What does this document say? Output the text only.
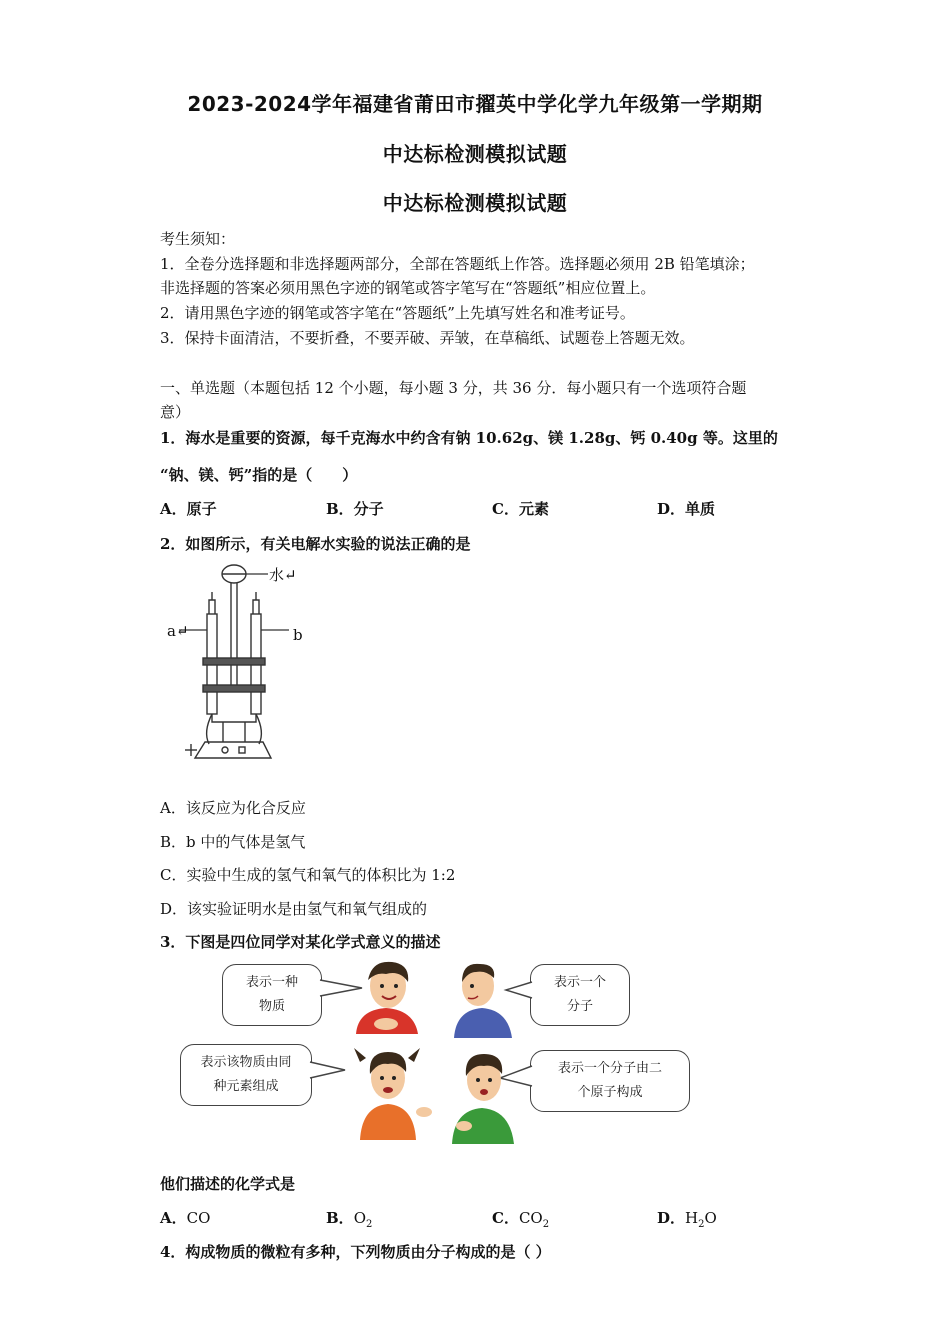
2023-2024学年福建省莆田市擢英中学化学九年级第一学期期
中达标检测模拟试题
中达标检测模拟试题
考生须知：
1．全卷分选择题和非选择题两部分，全部在答题纸上作答。选择题必须用 2B 铅笔填涂；
非选择题的答案必须用黑色字迹的钢笔或答字笔写在“答题纸”相应位置上。
2．请用黑色字迹的钢笔或答字笔在“答题纸”上先填写姓名和准考证号。
3．保持卡面清洁，不要折叠，不要弄破、弄皱，在草稿纸、试题卷上答题无效。
一、单选题（本题包括 12 个小题，每小题 3 分，共 36 分．每小题只有一个选项符合题
意）
1．海水是重要的资源，每千克海水中约含有钠 10.62g、镁 1.28g、钙 0.40g 等。这里的
“钠、镁、钙”指的是（　　）
A．原子	B．分子	C．元素	D．单质
2．如图所示，有关电解水实验的说法正确的是
水↵
a↵	b
A．该反应为化合反应
B．b 中的气体是氢气
C．实验中生成的氢气和氧气的体积比为 1:2
D．该实验证明水是由氢气和氧气组成的
3．下图是四位同学对某化学式意义的描述
表示一种
物质
表示一个
分子
表示该物质由同
种元素组成
表示一个分子由二
个原子构成
他们描述的化学式是
A．CO	B．$O_2$	C．$CO_2$	D．$H_2O$
4．构成物质的微粒有多种，下列物质由分子构成的是（ ）
